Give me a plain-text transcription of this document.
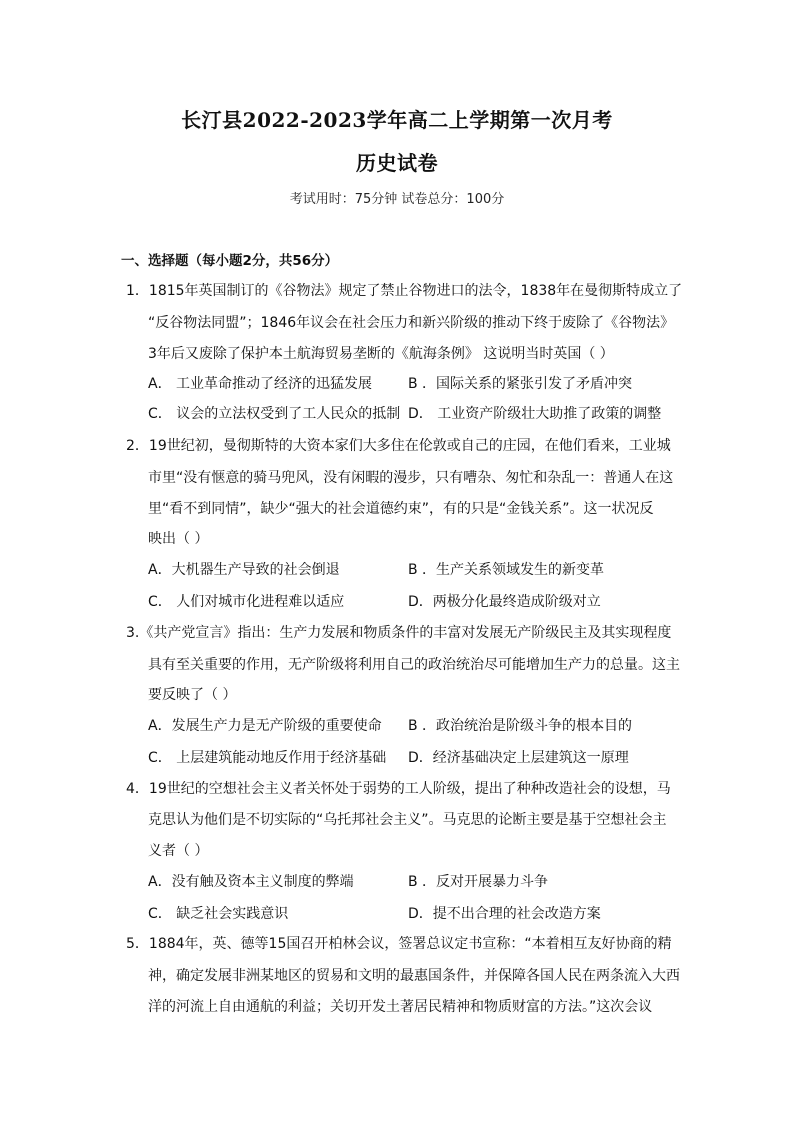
长汀县2022-2023学年高二上学期第一次月考
历史试卷
考试用时：75分钟 试卷总分：100分
一、选择题（每小题2分，共56分）
1．1815年英国制订的《谷物法》规定了禁止谷物进口的法令，1838年在曼彻斯特成立了
“反谷物法同盟”；1846年议会在社会压力和新兴阶级的推动下终于废除了《谷物法》
3年后又废除了保护本土航海贸易垄断的《航海条例》 这说明当时英国（ ）
A． 工业革命推动了经济的迅猛发展	B ．国际关系的紧张引发了矛盾冲突
C． 议会的立法权受到了工人民众的抵制 D． 工业资产阶级壮大助推了政策的调整
2．19世纪初，曼彻斯特的大资本家们大多住在伦敦或自己的庄园，在他们看来，工业城
市里“没有惬意的骑马兜风，没有闲暇的漫步，只有嘈杂、匆忙和杂乱一：普通人在这
里“看不到同情”，缺少“强大的社会道德约束”，有的只是“金钱关系”。这一状况反
映出（ ）
A．大机器生产导致的社会倒退	B ．生产关系领域发生的新变革
C． 人们对城市化进程难以适应	D．两极分化最终造成阶级对立
3.《共产党宣言》指出：生产力发展和物质条件的丰富对发展无产阶级民主及其实现程度
具有至关重要的作用，无产阶级将利用自己的政治统治尽可能增加生产力的总量。这主
要反映了（ ）
A．发展生产力是无产阶级的重要使命 B ．政治统治是阶级斗争的根本目的
C． 上层建筑能动地反作用于经济基础 D．经济基础决定上层建筑这一原理
4．19世纪的空想社会主义者关怀处于弱势的工人阶级，提出了种种改造社会的设想，马
克思认为他们是不切实际的“乌托邦社会主义”。马克思的论断主要是基于空想社会主
义者（ ）
A．没有触及资本主义制度的弊端	B ．反对开展暴力斗争
C． 缺乏社会实践意识	D．提不出合理的社会改造方案
5．1884年，英、德等15国召开柏林会议，签署总议定书宣称：“本着相互友好协商的精
神，确定发展非洲某地区的贸易和文明的最惠国条件，并保障各国人民在两条流入大西
洋的河流上自由通航的利益；关切开发土著居民精神和物质财富的方法。”这次会议
